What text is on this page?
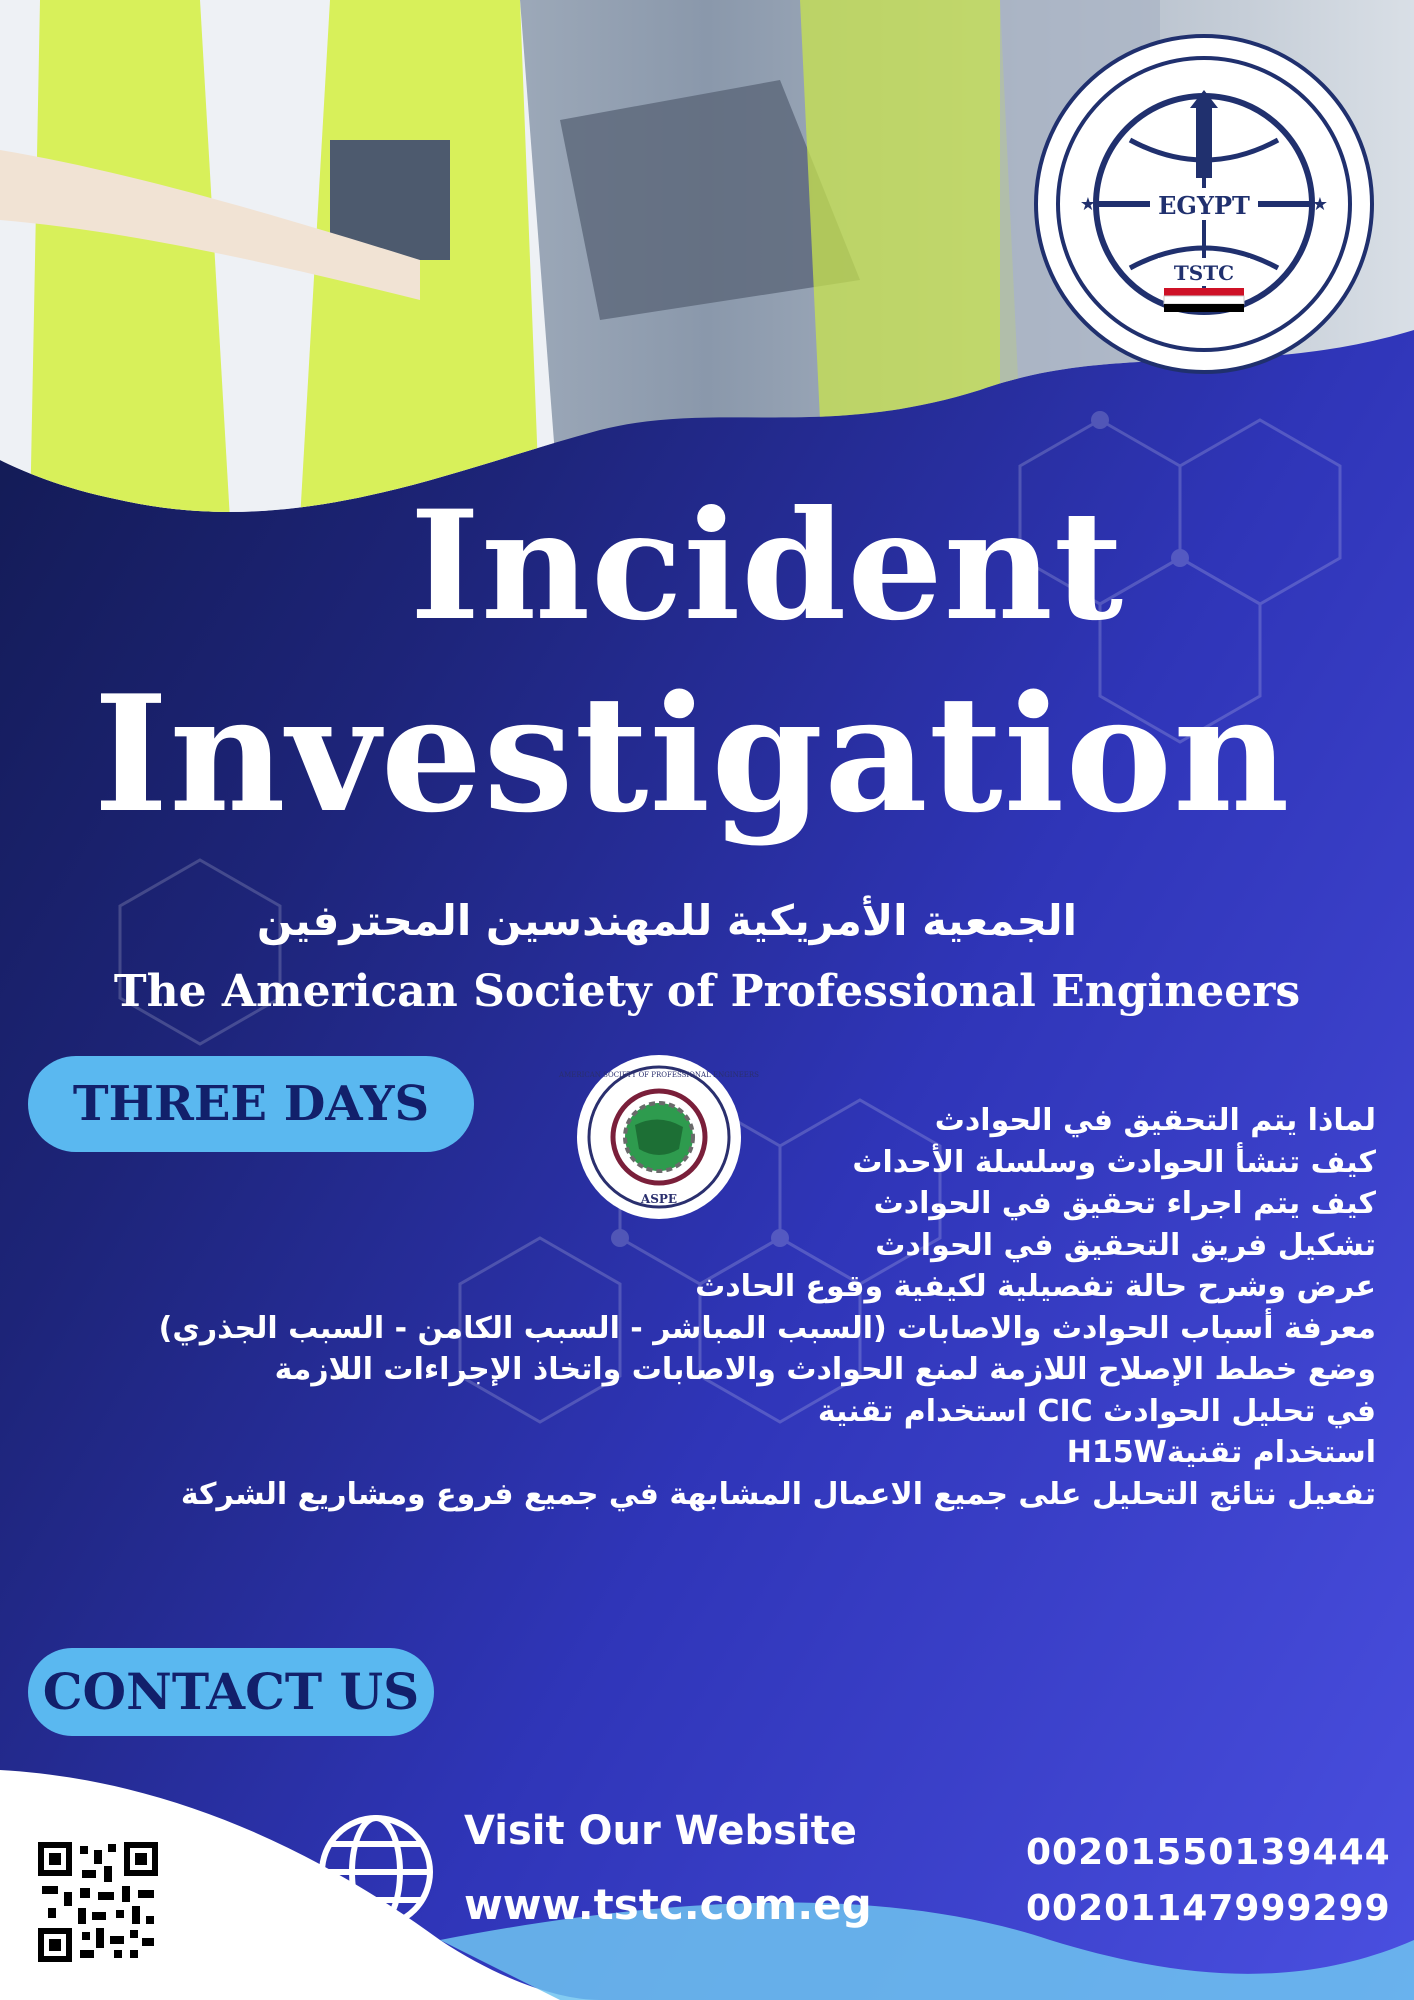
EGYPT
TSTC
★	★
Incident
Investigation
الجمعية الأمريكية للمهندسين المحترفين
The American Society of Professional Engineers
THREE DAYS
ASPE
AMERICAN SOCIETY OF PROFESSIONAL ENGINEERS
لماذا يتم التحقيق في الحوادث
كيف تنشأ الحوادث وسلسلة الأحداث
كيف يتم اجراء تحقيق في الحوادث
تشكيل فريق التحقيق في الحوادث
عرض وشرح حالة تفصيلية لكيفية وقوع الحادث
معرفة أسباب الحوادث والاصابات (السبب المباشر - السبب الكامن - السبب الجذري)
وضع خطط الإصلاح اللازمة لمنع الحوادث والاصابات واتخاذ الإجراءات اللازمة
في تحليل الحوادث CIC استخدام تقنية
استخدام تقنيةH15W
تفعيل نتائج التحليل على جميع الاعمال المشابهة في جميع فروع ومشاريع الشركة
CONTACT US
Visit Our Website
www.tstc.com.eg
00201550139444
00201147999299
